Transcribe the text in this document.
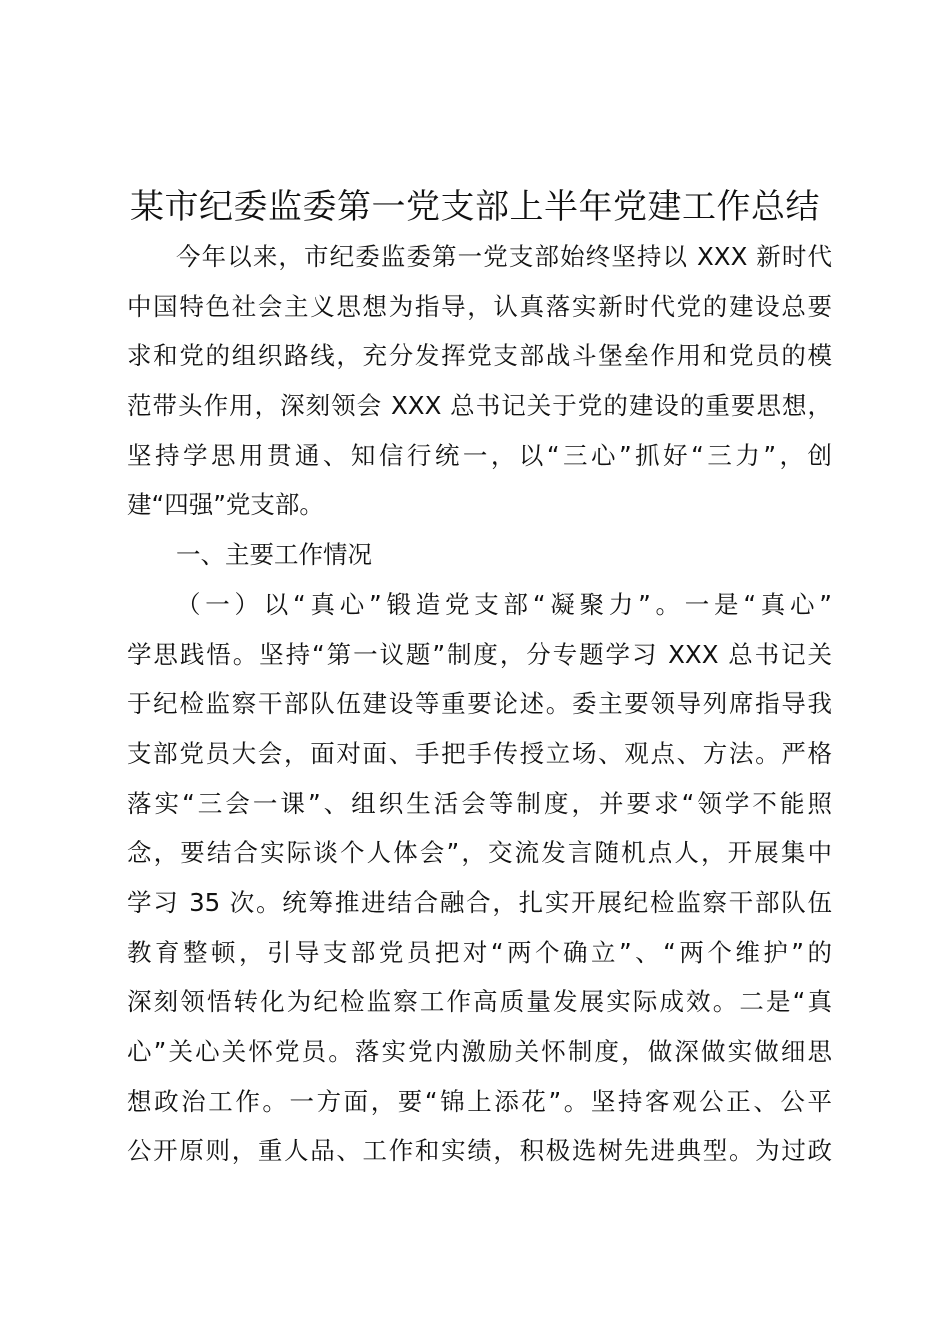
某市纪委监委第一党支部上半年党建工作总结
今年以来，市纪委监委第一党支部始终坚持以 XXX 新时代
中国特色社会主义思想为指导，认真落实新时代党的建设总要
求和党的组织路线，充分发挥党支部战斗堡垒作用和党员的模
范带头作用，深刻领会 XXX 总书记关于党的建设的重要思想，
坚持学思用贯通、知信行统一，以“三心”抓好“三力”，创
建“四强”党支部。
一、主要工作情况
（一）以“真心”锻造党支部“凝聚力”。一是“真心”
学思践悟。坚持“第一议题”制度，分专题学习 XXX 总书记关
于纪检监察干部队伍建设等重要论述。委主要领导列席指导我
支部党员大会，面对面、手把手传授立场、观点、方法。严格
落实“三会一课”、组织生活会等制度，并要求“领学不能照
念，要结合实际谈个人体会”，交流发言随机点人，开展集中
学习 35 次。统筹推进结合融合，扎实开展纪检监察干部队伍
教育整顿，引导支部党员把对“两个确立”、“两个维护”的
深刻领悟转化为纪检监察工作高质量发展实际成效。二是“真
心”关心关怀党员。落实党内激励关怀制度，做深做实做细思
想政治工作。一方面，要“锦上添花”。坚持客观公正、公平
公开原则，重人品、工作和实绩，积极选树先进典型。为过政
